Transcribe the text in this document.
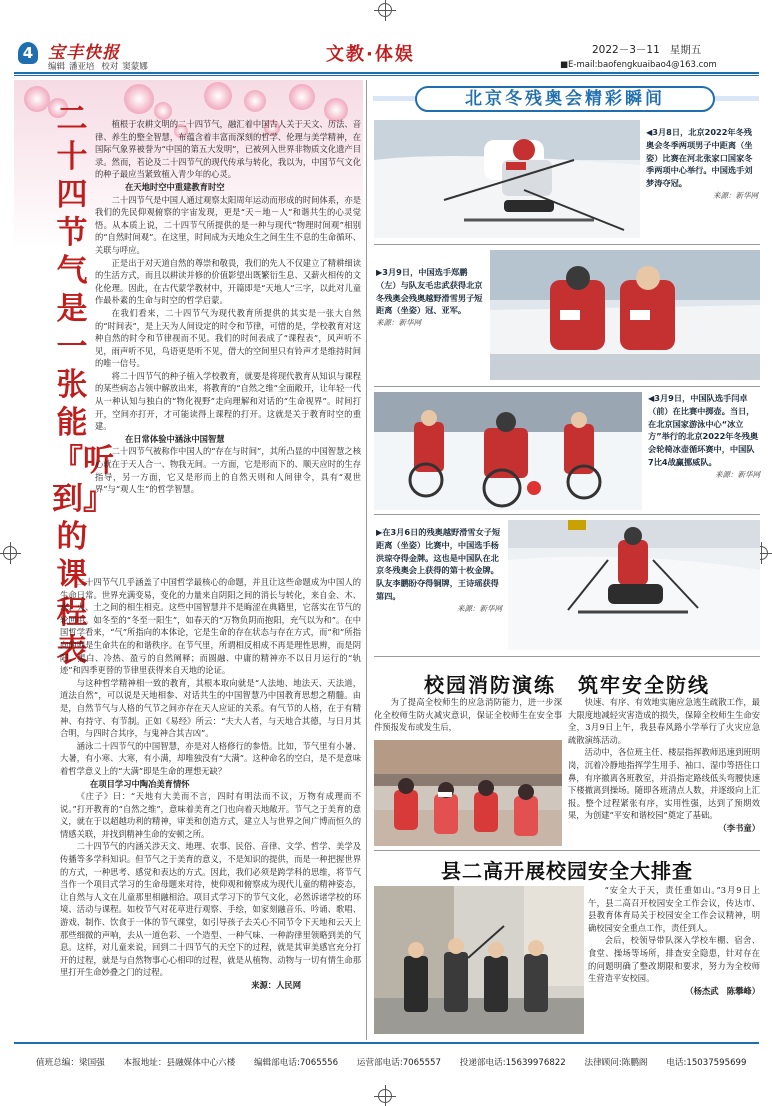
4 宝丰快报
编辑 潘亚培 校对 窦蒙娜
文教·体娱	2022－3－11 星期五
■E-mail:baofengkuaibao4@163.com
二十四节气 是一张能『听到』的课程表

植根于农耕文明的二十四节气，融汇着中国古人关于天文、历法、音律、养生的整全智慧，布蕴含着丰富而深刻的哲学、伦理与美学精神，在国际气象界被誉为“中国的第五大发明”，已被列入世界非物质文化遗产目录。然而，若论及二十四节气的现代传承与转化，我以为，中国节气文化的种子最应当紧致植入青少年的心灵。

在天地时空中重建教育时空

二十四节气是中国人通过观察太阳周年运动而形成的时间体系，亦是我们的先民仰观俯察的宇宙发现，更是“天－地－人”和谐共生的心灵觉悟。从本质上说，二十四节气所提供的是一种与现代“物理时间观”相别的“自然时间观”。在这里，时间成为天地众生之间生生不息的生命循环、关联与呼应。

正是出于对天道自然的尊崇和敬畏，我们的先人不仅建立了精耕细读的生活方式，而且以耕读并修的价值影望出既繁衍生息、又薪火相传的文化伦理。因此，在古代蒙学教材中，开篇即是“天地人”三字，以此对儿童作最朴素的生命与时空的哲学启蒙。

在我们看来，二十四节气为现代教育所提供的其实是一张大自然的“时间表”，是上天为人间设定的时令和节律，可惜的是，学校教育对这种自然的时令和节律视而不见。我们的时间表成了“课程表”，风声听不见，雨声听不见，鸟语更是听不见，借大的空间里只有铃声才是维持时间的唯一信号。

将二十四节气的种子植入学校教育，就要是将现代教育从知识与课程的某些病态占领中解放出来，将教育的“自然之维”全面敞开，让年轻一代从一种认知与独白的“物化视野”走向理解和对话的“生命视界”。时间打开，空间亦打开，才可能读得上课程的打开。这就是关于教育时空的重建。

在日常体验中涵泳中国智慧

二十四节气被称作中国人的“存在与时间”，其所凸显的中国智慧之核心就在于天人合一、物我无间。一方面，它是形而下的、顺天应时的生存指导，另一方面，它又是形而上的自然天则和人间律令，具有“观世界”与“观人生”的哲学智慧。

二十四节气几乎涵盖了中国哲学最核心的命题，并且让这些命题成为中国人的生命日常。世界充满变易，变化的力量来自阴阳之间的消长与转化，来自金、木、水、火、土之间的相生相克。这些中国智慧并不是晦涩在典籍里，它落实在节气的轮回中。如冬至的“冬至一阳生”，如春天的“万物负阴而抱阳，充气以为和”。在中国哲学看来，“气”所指向的本体论，它是生命的存在状态与存在方式，而“和”所指向的则是生命共在的和谐秩序。在节气里，所谓相反相成不再是理性思辨，而是阴阳、黑白、冷热、盈亏的自然阐释；而圆融、中庸的精神亦不以日月运行的“轨迹”和四季更替的节律里获得来自天地的论证。

与这种哲学精神相一致的教育，其根本取向就是“人法地、地法天、天法道，道法自然”，可以说是天地相参、对话共生的中国智慧乃中国教育思想之精髓。由是，自然节气与人格的气节之间亦存在天人应证的关系。有气节的人格，在于有精神、有持守、有节制。正如《易经》所云：“夫大人者，与天地合其德，与日月其合明，与四时合其序，与鬼神合其吉凶”。

涵泳二十四节气的中国智慧，亦是对人格修行的参悟。比如，节气里有小暑、大暑，有小寒、大寒，有小满，却唯独没有“大满”。这种命名的空白，是不是意味着哲学意义上的“大满”即是生命的理想无缺？

在项目学习中陶冶美育情怀

《庄子》曰：“天地有大美而不言，四时有明法而不议，万物有成理而不说。”打开教育的“自然之维”，意味着美育之门也向着天地敞开。节气之于美育的意义，就在于以超越功利的精神，审美和创造方式，建立人与世界之间广博而恒久的情感关联，并找到精神生命的安顿之所。

二十四节气的内涵关涉天文、地理、农事、民俗、音律、文学、哲学、美学及传播等多学科知识。但节气之于美育的意义，不是知识的提供，而是一种把握世界的方式，一种思考、感觉和表达的方式。因此，我们必须是跨学科的思维，将节气当作一个项目式学习的生命母题来对待，使仰观和俯察成为现代儿童的精神姿态，让自然与人文在儿童那里相融相洽。项目式学习下的节气文化，必然诉诸学校的环境、活动与课程。如校节气对花草进行观察、手绘，如家刻融音乐、吟诵、歌唱、游戏、制作、饮食于一体的节气课堂，如引导孩子去关心不同节令下天地和云天上那些细微的声响，去从一道色彩、一个造型、一种气味、一种韵律里领略到美的气息。这样，对儿童来说，回到二十四节气的天空下的过程，就是其审美感官充分打开的过程，就是与自然物事心心相印的过程，就是从植物、动物与一切有情生命那里打开生命妙叠之门的过程。

来源：人民网

北京冬残奥会精彩瞬间
◀3月8日，北京2022年冬残奥会冬季两项男子中距离（坐姿）比赛在河北张家口国家冬季两项中心举行。中国选手刘梦涛夺冠。
来源：新华网
▶3月9日，中国选手郑鹏（左）与队友毛忠武获得北京冬残奥会残奥越野滑雪男子短距离（坐姿）冠、亚军。
来源：新华网
◀3月9日，中国队选手闫卓（前）在比赛中掷壶。当日，在北京国家游泳中心“冰立方”举行的北京2022年冬残奥会轮椅冰壶循环赛中，中国队7比4战赢挪威队。
来源：新华网
▶在3月6日的残奥越野滑雪女子短距离（坐姿）比赛中，中国选手杨洪琼夺得金牌。这也是中国队在北京冬残奥会上获得的第十枚金牌。队友李鹏盼夺得铜牌，王诗瑶获得第四。
来源：新华网
校园消防演练　筑牢安全防线

为了提高全校师生的应急消防能力，进一步深化全校师生防火减灾意识，保证全校师生在安全事件预报发布或发生后，

快速、有序、有效地实施应急逃生疏散工作，最大限度地减轻灾害造成的损失，保障全校师生生命安全，3月9日上午，我县春风路小学举行了火灾应急疏散演练活动。

活动中，各位班主任、楼层指挥教师迅速到班明岗，沉着冷静地指挥学生用手、袖口、湿巾等捂住口鼻，有序撤离各班教室，并沿指定路线低头弯腰快速下楼撤离到操场。随即各班清点人数，并逐级向上汇报。整个过程紧张有序，实用性强，达到了预期效果，为创建“平安和谐校园”奠定了基础。

（李书童）

县二高开展校园安全大排查

“安全大于天，责任重如山。”3月9日上午，县二高召开校园安全工作会议，传达市、县教育体育局关于校园安全工作会议精神，明确校园安全重点工作，责任到人。

会后，校领导带队深入学校车棚、宿舍、食堂、操场等场所，排查安全隐患，针对存在的问题明确了整改期限和要求，努力为全校师生营造平安校园。

（杨杰武　陈攀峰）

值班总编：梁国强 本报地址：县融媒体中心六楼 编辑部电话:7065556 运营部电话:7065557 投递部电话:15639976822 法律顾问:陈鹏阁 电话:15037595699
